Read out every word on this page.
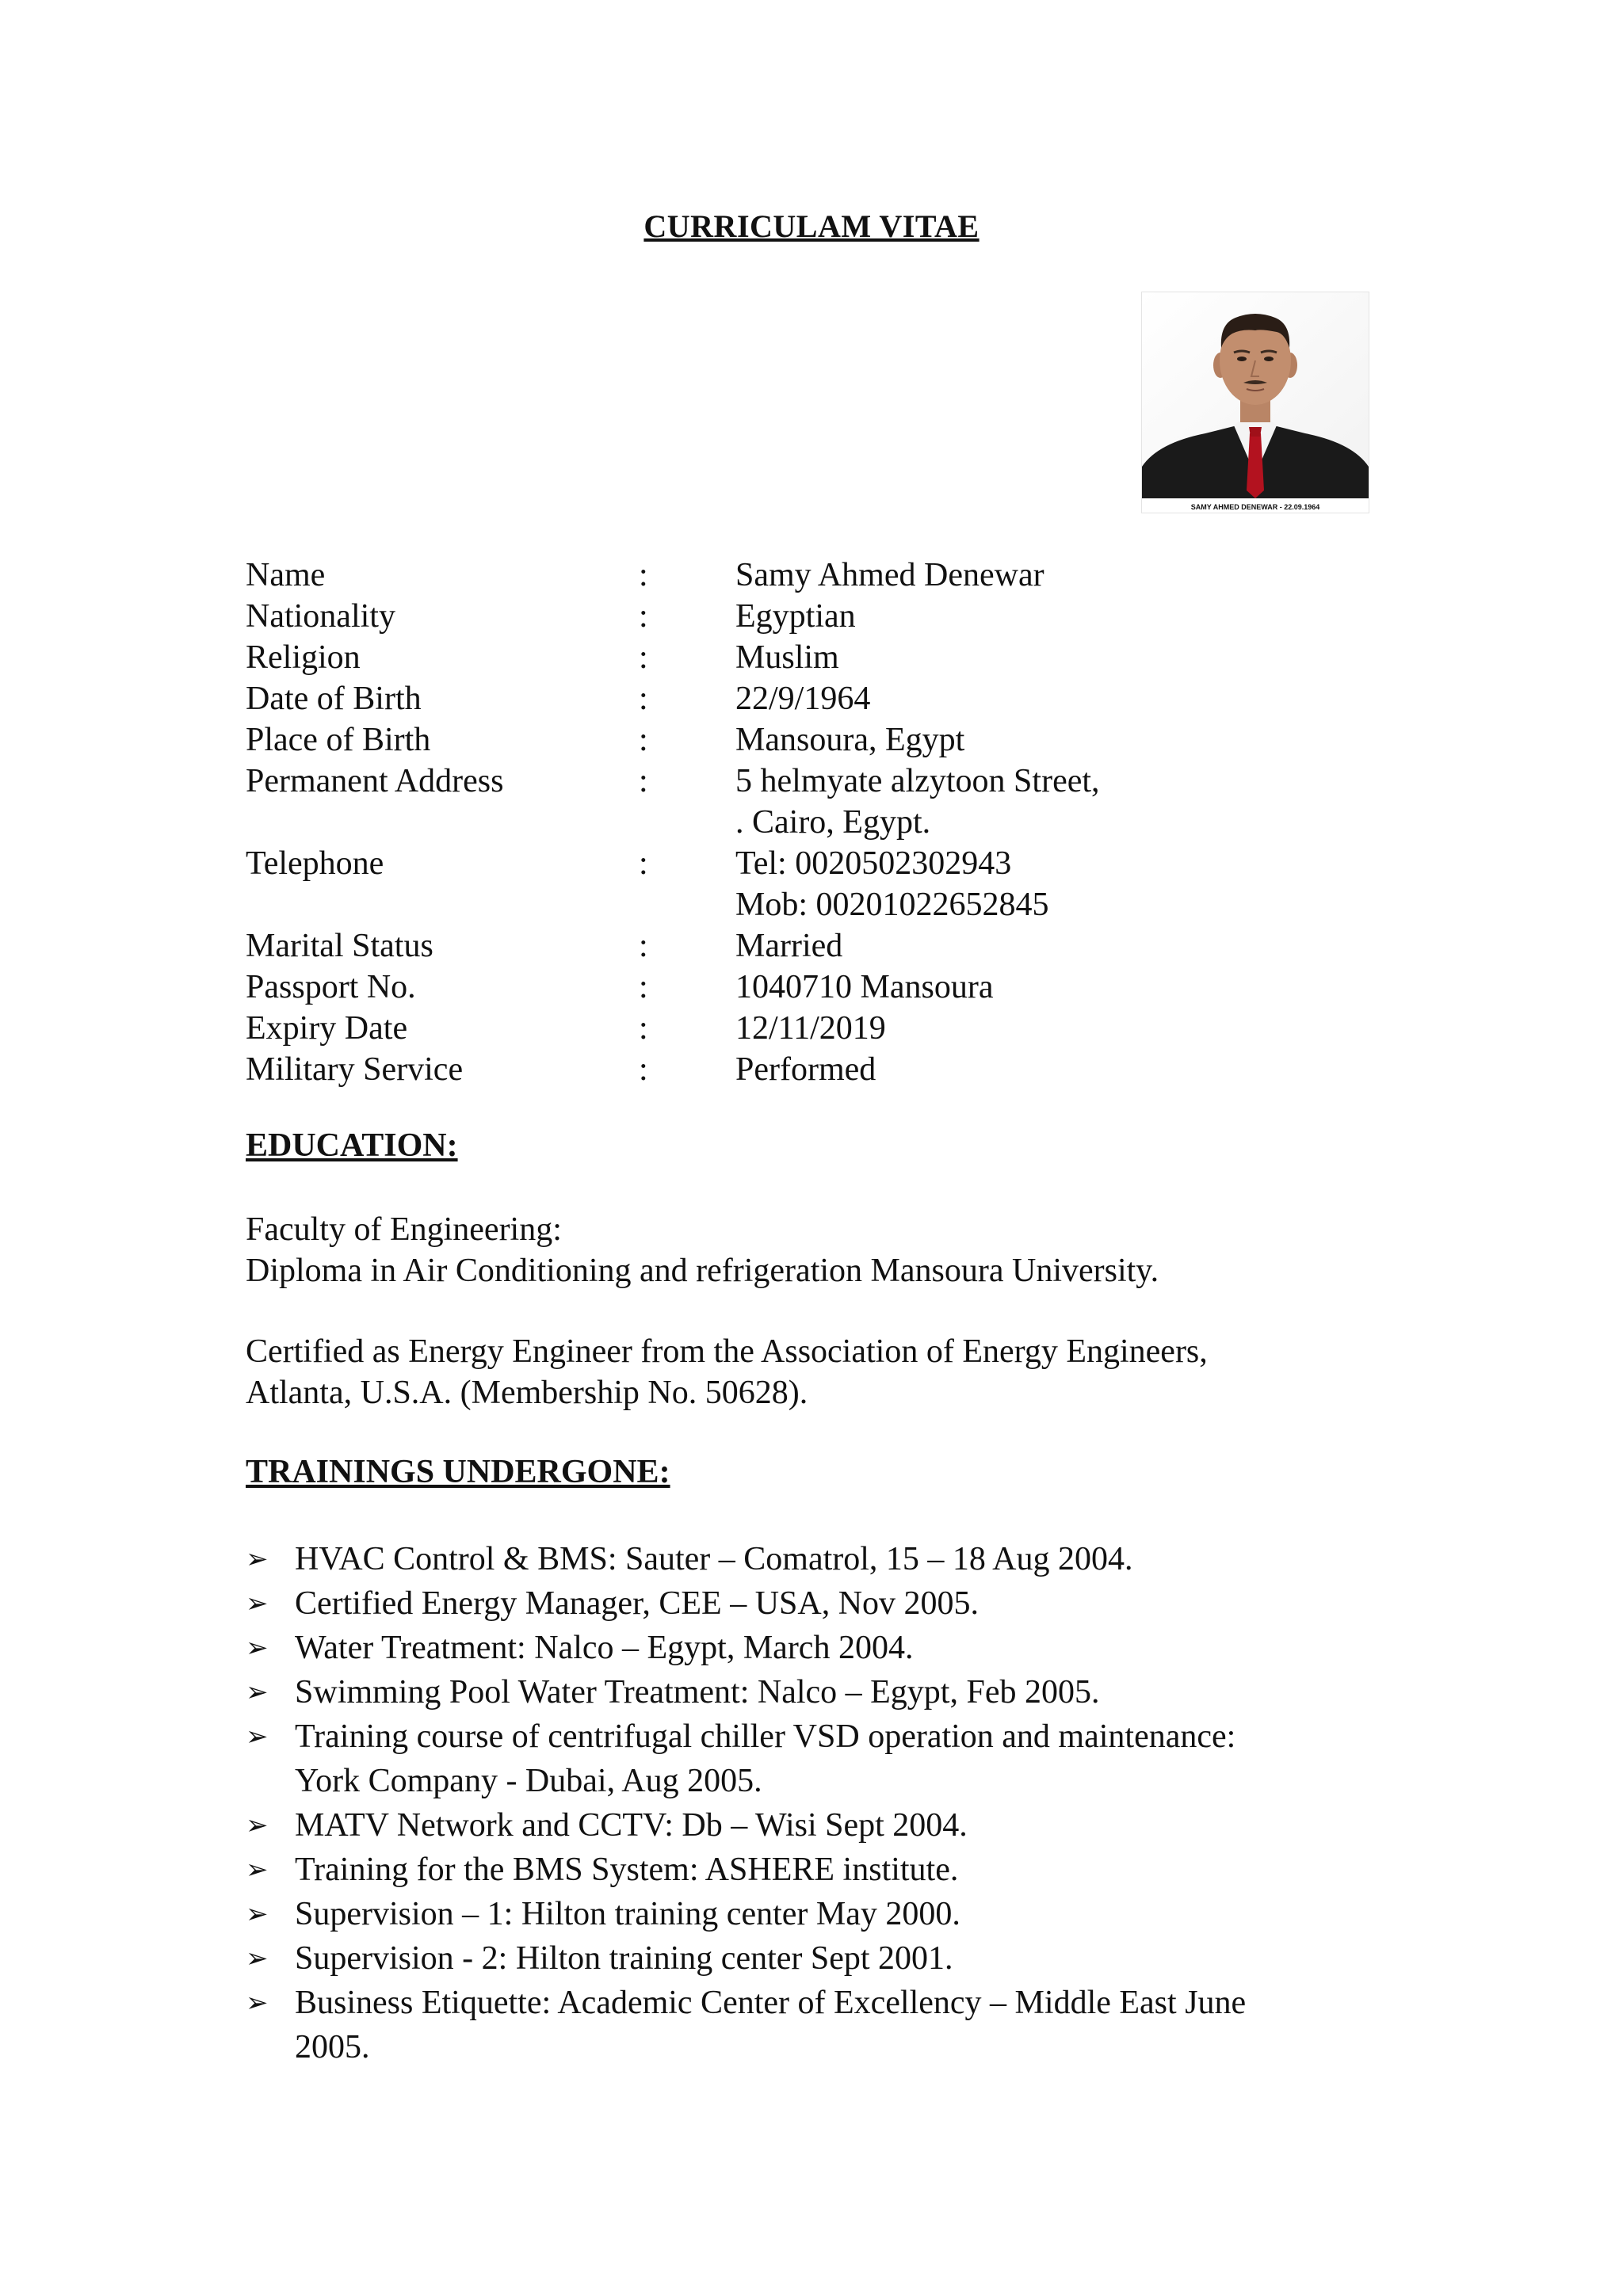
CURRICULAM VITAE
SAMY AHMED DENEWAR - 22.09.1964
Name	:	Samy Ahmed Denewar
Nationality	:	Egyptian
Religion	:	Muslim
Date of Birth	:	22/9/1964
Place of Birth	:	Mansoura, Egypt
Permanent Address	:	5 helmyate alzytoon Street,
. Cairo, Egypt.
Telephone	:	Tel: 0020502302943
Mob: 00201022652845
Marital Status	:	Married
Passport No.	:	1040710 Mansoura
Expiry Date	:	12/11/2019
Military Service	:	Performed
EDUCATION:
Faculty of Engineering:
Diploma in Air Conditioning and refrigeration Mansoura University.
Certified as Energy Engineer from the Association of Energy Engineers,
Atlanta, U.S.A. (Membership No. 50628).
TRAININGS UNDERGONE:
➢ HVAC Control & BMS: Sauter – Comatrol, 15 – 18 Aug 2004.
➢ Certified Energy Manager, CEE – USA, Nov 2005.
➢ Water Treatment: Nalco – Egypt, March 2004.
➢ Swimming Pool Water Treatment: Nalco – Egypt, Feb 2005.
➢ Training course of centrifugal chiller VSD operation and maintenance:
York Company - Dubai, Aug 2005.
➢ MATV Network and CCTV: Db – Wisi Sept 2004.
➢ Training for the BMS System: ASHERE institute.
➢ Supervision – 1: Hilton training center May 2000.
➢ Supervision - 2: Hilton training center Sept 2001.
➢ Business Etiquette: Academic Center of Excellency – Middle East June
2005.
